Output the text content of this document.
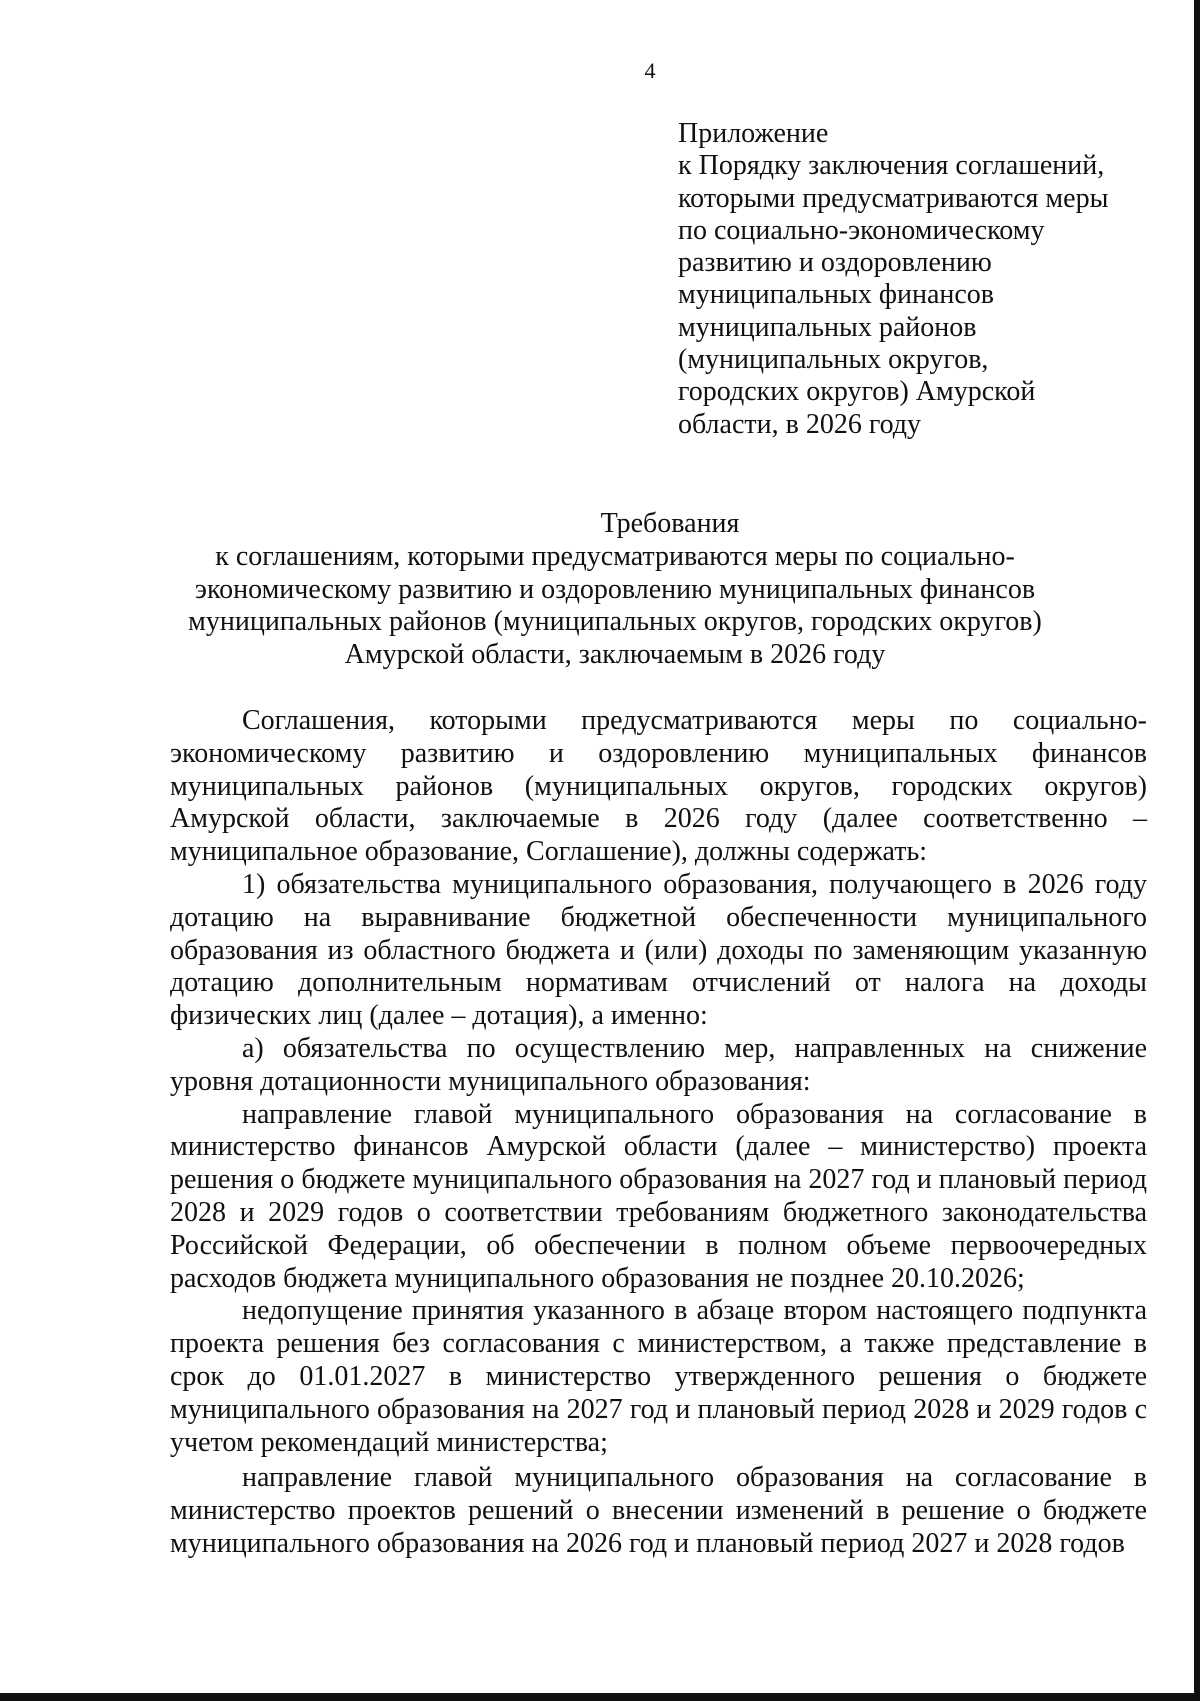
4
Приложение
к Порядку заключения соглашений,
которыми предусматриваются меры
по социально-экономическому
развитию и оздоровлению
муниципальных финансов
муниципальных районов
(муниципальных округов,
городских округов) Амурской
области, в 2026 году
Требования
к соглашениям, которыми предусматриваются меры по социально-
экономическому развитию и оздоровлению муниципальных финансов
муниципальных районов (муниципальных округов, городских округов)
Амурской области, заключаемым в 2026 году

Соглашения, которыми предусматриваются меры по социально-экономическому развитию и оздоровлению муниципальных финансов муниципальных районов (муниципальных округов, городских округов) Амурской области, заключаемые в 2026 году (далее соответственно – муниципальное образование, Соглашение), должны содержать:

1) обязательства муниципального образования, получающего в 2026 году дотацию на выравнивание бюджетной обеспеченности муниципального образования из областного бюджета и (или) доходы по заменяющим указанную дотацию дополнительным нормативам отчислений от налога на доходы физических лиц (далее – дотация), а именно:

а) обязательства по осуществлению мер, направленных на снижение уровня дотационности муниципального образования:

направление главой муниципального образования на согласование в министерство финансов Амурской области (далее – министерство) проекта решения о бюджете муниципального образования на 2027 год и плановый период 2028 и 2029 годов о соответствии требованиям бюджетного законодательства Российской Федерации, об обеспечении в полном объеме первоочередных расходов бюджета муниципального образования не позднее 20.10.2026;

недопущение принятия указанного в абзаце втором настоящего подпункта проекта решения без согласования с министерством, а также представление в срок до 01.01.2027 в министерство утвержденного решения о бюджете муниципального образования на 2027 год и плановый период 2028 и 2029 годов с учетом рекомендаций министерства;

направление главой муниципального образования на согласование в министерство проектов решений о внесении изменений в решение о бюджете муниципального образования на 2026 год и плановый период 2027 и 2028 годов
